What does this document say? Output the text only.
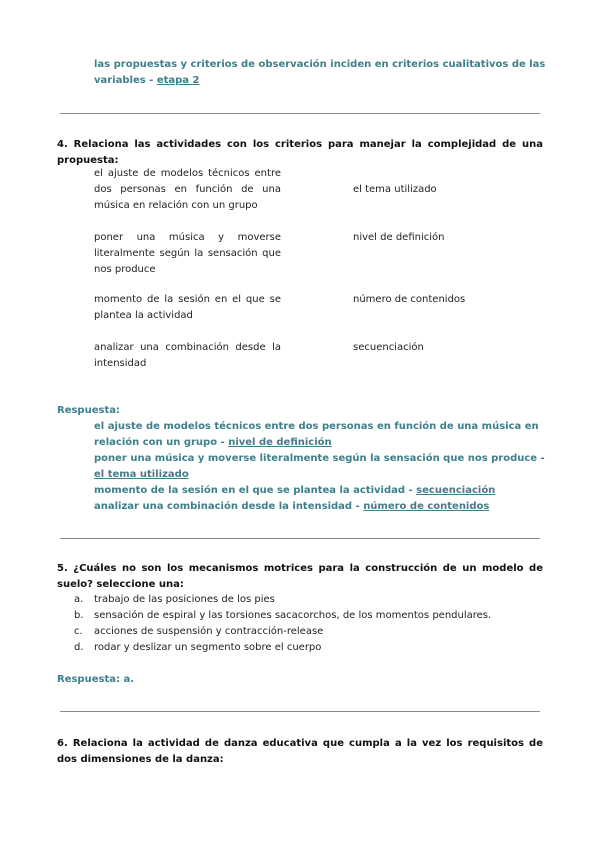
las propuestas y criterios de observación inciden en criterios cualitativos de las variables - etapa 2
4. Relaciona las actividades con los criterios para manejar la complejidad de una propuesta:
el ajuste de modelos técnicos entre dos personas en función de una música en relación con un grupo
el tema utilizado
poner una música y moverse literalmente según la sensación que nos produce
nivel de definición
momento de la sesión en el que se plantea la actividad
número de contenidos
analizar una combinación desde la intensidad
secuenciación
Respuesta:
el ajuste de modelos técnicos entre dos personas en función de una música en relación con un grupo - nivel de definición
poner una música y moverse literalmente según la sensación que nos produce - el tema utilizado
momento de la sesión en el que se plantea la actividad - secuenciación
analizar una combinación desde la intensidad - número de contenidos
5. ¿Cuáles no son los mecanismos motrices para la construcción de un modelo de suelo? seleccione una:
a. trabajo de las posiciones de los pies
b. sensación de espiral y las torsiones sacacorchos, de los momentos pendulares.
c. acciones de suspensión y contracción-release
d. rodar y deslizar un segmento sobre el cuerpo
Respuesta: a.
6. Relaciona la actividad de danza educativa que cumpla a la vez los requisitos de dos dimensiones de la danza:
